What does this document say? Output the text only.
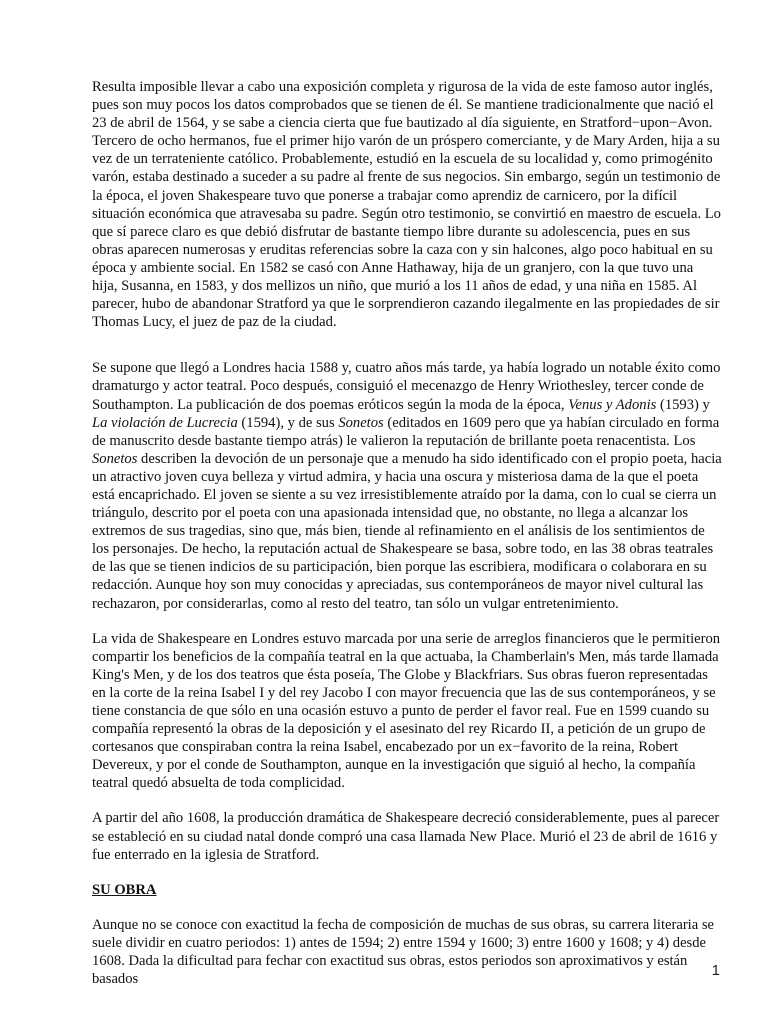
Resulta imposible llevar a cabo una exposición completa y rigurosa de la vida de este famoso autor inglés, pues son muy pocos los datos comprobados que se tienen de él. Se mantiene tradicionalmente que nació el 23 de abril de 1564, y se sabe a ciencia cierta que fue bautizado al día siguiente, en Stratford−upon−Avon. Tercero de ocho hermanos, fue el primer hijo varón de un próspero comerciante, y de Mary Arden, hija a su vez de un terrateniente católico. Probablemente, estudió en la escuela de su localidad y, como primogénito varón, estaba destinado a suceder a su padre al frente de sus negocios. Sin embargo, según un testimonio de la época, el joven Shakespeare tuvo que ponerse a trabajar como aprendiz de carnicero, por la difícil situación económica que atravesaba su padre. Según otro testimonio, se convirtió en maestro de escuela. Lo que sí parece claro es que debió disfrutar de bastante tiempo libre durante su adolescencia, pues en sus obras aparecen numerosas y eruditas referencias sobre la caza con y sin halcones, algo poco habitual en su época y ambiente social. En 1582 se casó con Anne Hathaway, hija de un granjero, con la que tuvo una hija, Susanna, en 1583, y dos mellizos un niño, que murió a los 11 años de edad, y una niña en 1585. Al parecer, hubo de abandonar Stratford ya que le sorprendieron cazando ilegalmente en las propiedades de sir Thomas Lucy, el juez de paz de la ciudad.

Se supone que llegó a Londres hacia 1588 y, cuatro años más tarde, ya había logrado un notable éxito como dramaturgo y actor teatral. Poco después, consiguió el mecenazgo de Henry Wriothesley, tercer conde de Southampton. La publicación de dos poemas eróticos según la moda de la época, Venus y Adonis (1593) y La violación de Lucrecia (1594), y de sus Sonetos (editados en 1609 pero que ya habían circulado en forma de manuscrito desde bastante tiempo atrás) le valieron la reputación de brillante poeta renacentista. Los Sonetos describen la devoción de un personaje que a menudo ha sido identificado con el propio poeta, hacia un atractivo joven cuya belleza y virtud admira, y hacia una oscura y misteriosa dama de la que el poeta está encaprichado. El joven se siente a su vez irresistiblemente atraído por la dama, con lo cual se cierra un triángulo, descrito por el poeta con una apasionada intensidad que, no obstante, no llega a alcanzar los extremos de sus tragedias, sino que, más bien, tiende al refinamiento en el análisis de los sentimientos de los personajes. De hecho, la reputación actual de Shakespeare se basa, sobre todo, en las 38 obras teatrales de las que se tienen indicios de su participación, bien porque las escribiera, modificara o colaborara en su redacción. Aunque hoy son muy conocidas y apreciadas, sus contemporáneos de mayor nivel cultural las rechazaron, por considerarlas, como al resto del teatro, tan sólo un vulgar entretenimiento.

La vida de Shakespeare en Londres estuvo marcada por una serie de arreglos financieros que le permitieron compartir los beneficios de la compañía teatral en la que actuaba, la Chamberlain's Men, más tarde llamada King's Men, y de los dos teatros que ésta poseía, The Globe y Blackfriars. Sus obras fueron representadas en la corte de la reina Isabel I y del rey Jacobo I con mayor frecuencia que las de sus contemporáneos, y se tiene constancia de que sólo en una ocasión estuvo a punto de perder el favor real. Fue en 1599 cuando su compañía representó la obras de la deposición y el asesinato del rey Ricardo II, a petición de un grupo de cortesanos que conspiraban contra la reina Isabel, encabezado por un ex−favorito de la reina, Robert Devereux, y por el conde de Southampton, aunque en la investigación que siguió al hecho, la compañía teatral quedó absuelta de toda complicidad.

A partir del año 1608, la producción dramática de Shakespeare decreció considerablemente, pues al parecer se estableció en su ciudad natal donde compró una casa llamada New Place. Murió el 23 de abril de 1616 y fue enterrado en la iglesia de Stratford.

SU OBRA

Aunque no se conoce con exactitud la fecha de composición de muchas de sus obras, su carrera literaria se suele dividir en cuatro periodos: 1) antes de 1594; 2) entre 1594 y 1600; 3) entre 1600 y 1608; y 4) desde 1608. Dada la dificultad para fechar con exactitud sus obras, estos periodos son aproximativos y están basados

1
